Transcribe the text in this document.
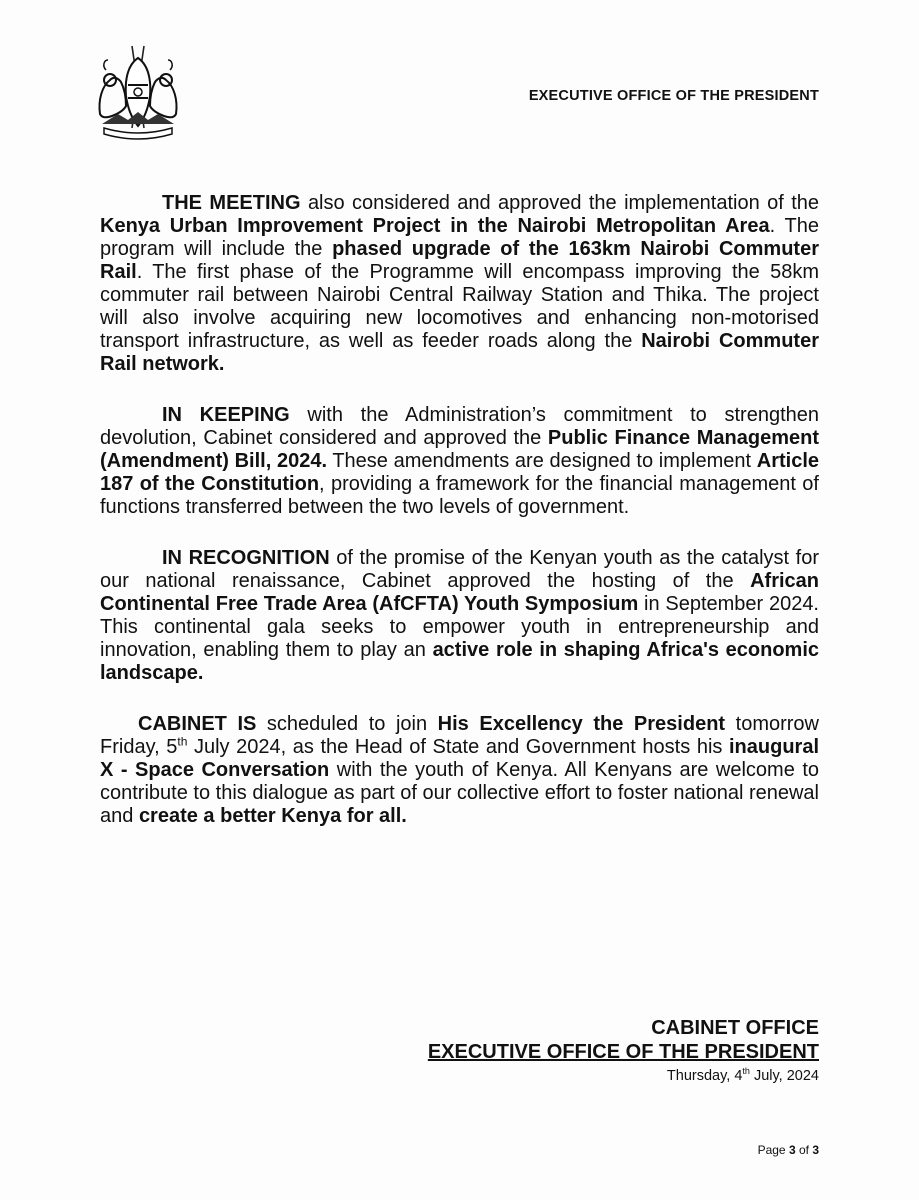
EXECUTIVE OFFICE OF THE PRESIDENT

THE MEETING also considered and approved the implementation of the Kenya Urban Improvement Project in the Nairobi Metropolitan Area. The program will include the phased upgrade of the 163km Nairobi Commuter Rail. The first phase of the Programme will encompass improving the 58km commuter rail between Nairobi Central Railway Station and Thika. The project will also involve acquiring new locomotives and enhancing non-motorised transport infrastructure, as well as feeder roads along the Nairobi Commuter Rail network.

IN KEEPING with the Administration’s commitment to strengthen devolution, Cabinet considered and approved the Public Finance Management (Amendment) Bill, 2024. These amendments are designed to implement Article 187 of the Constitution, providing a framework for the financial management of functions transferred between the two levels of government.

IN RECOGNITION of the promise of the Kenyan youth as the catalyst for our national renaissance, Cabinet approved the hosting of the African Continental Free Trade Area (AfCFTA) Youth Symposium in September 2024. This continental gala seeks to empower youth in entrepreneurship and innovation, enabling them to play an active role in shaping Africa's economic landscape.

CABINET IS scheduled to join His Excellency the President tomorrow Friday, 5th July 2024, as the Head of State and Government hosts his inaugural X - Space Conversation with the youth of Kenya. All Kenyans are welcome to contribute to this dialogue as part of our collective effort to foster national renewal and create a better Kenya for all.

CABINET OFFICE
EXECUTIVE OFFICE OF THE PRESIDENT
Thursday, 4th July, 2024
Page 3 of 3
